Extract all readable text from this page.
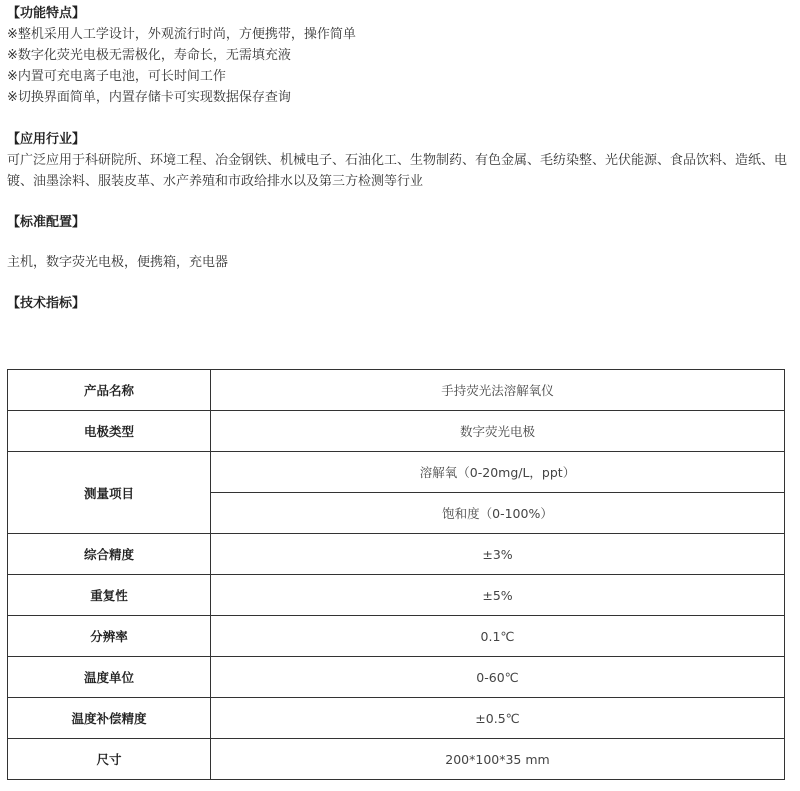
【功能特点】
※整机采用人工学设计，外观流行时尚，方便携带，操作简单
※数字化荧光电极无需极化，寿命长，无需填充液
※内置可充电离子电池，可长时间工作
※切换界面简单，内置存储卡可实现数据保存查询
【应用行业】
可广泛应用于科研院所、环境工程、冶金钢铁、机械电子、石油化工、生物制药、有色金属、毛纺染整、光伏能源、食品饮料、造纸、电镀、油墨涂料、服装皮革、水产养殖和市政给排水以及第三方检测等行业
【标准配置】
主机，数字荧光电极，便携箱，充电器
【技术指标】
产品名称	手持荧光法溶解氧仪
电极类型	数字荧光电极
测量项目	溶解氧（0-20mg/L，ppt）
	饱和度（0-100%）
综合精度	±3%
重复性	±5%
分辨率	0.1℃
温度单位	0-60℃
温度补偿精度	±0.5℃
尺寸	200*100*35 mm
